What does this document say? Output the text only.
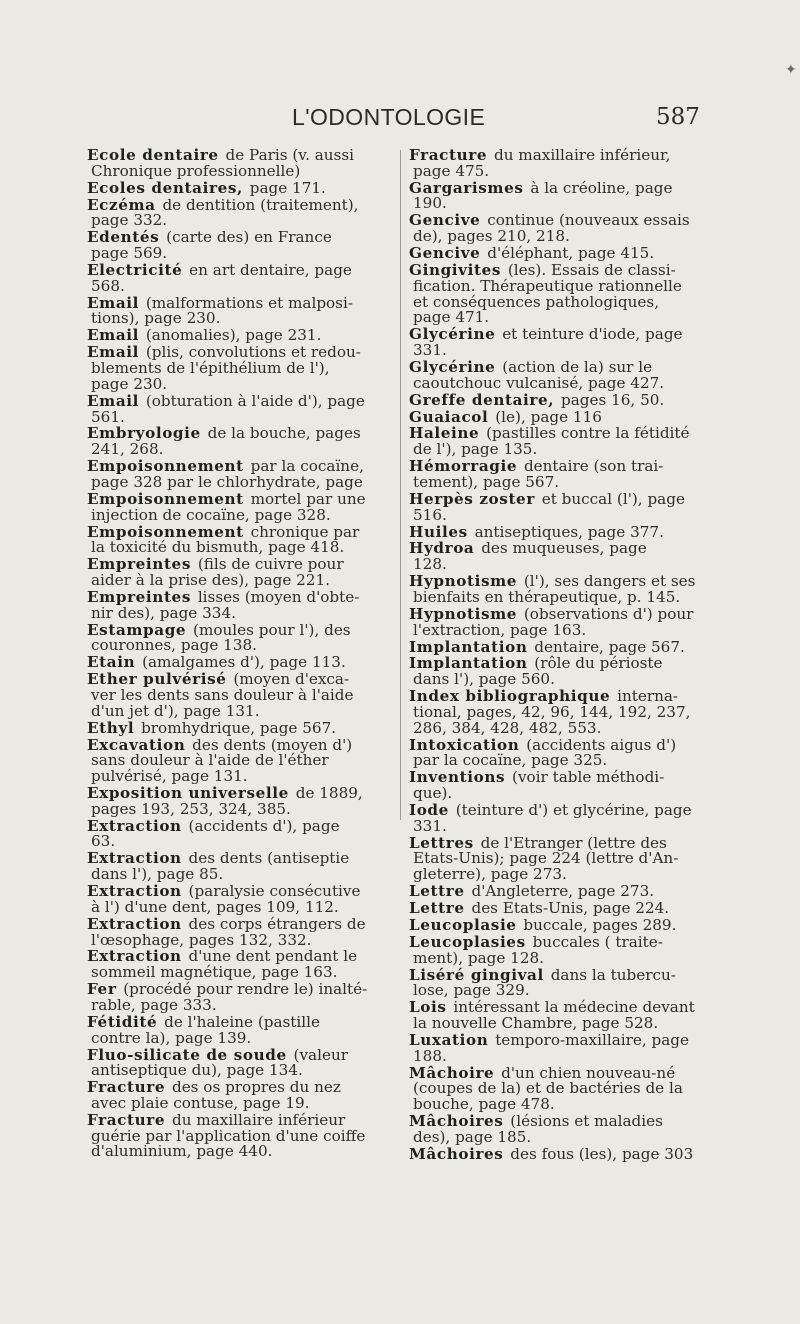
✦
L'ODONTOLOGIE	587
Ecole dentaire de Paris (v. aussi
Chronique professionnelle)
Ecoles dentaires, page 171.
Eczéma de dentition (traitement),
page 332.
Edentés (carte des) en France
page 569.
Electricité en art dentaire, page
568.
Email (malformations et malposi-
tions), page 230.
Email (anomalies), page 231.
Email (plis, convolutions et redou-
blements de l'épithélium de l'),
page 230.
Email (obturation à l'aide d'), page
561.
Embryologie de la bouche, pages
241, 268.
Empoisonnement par la cocaïne,
page 328 par le chlorhydrate, page
Empoisonnement mortel par une
injection de cocaïne, page 328.
Empoisonnement chronique par
la toxicité du bismuth, page 418.
Empreintes (fils de cuivre pour
aider à la prise des), page 221.
Empreintes lisses (moyen d'obte-
nir des), page 334.
Estampage (moules pour l'), des
couronnes, page 138.
Etain (amalgames d'), page 113.
Ether pulvérisé (moyen d'exca-
ver les dents sans douleur à l'aide
d'un jet d'), page 131.
Ethyl bromhydrique, page 567.
Excavation des dents (moyen d')
sans douleur à l'aide de l'éther
pulvérisé, page 131.
Exposition universelle de 1889,
pages 193, 253, 324, 385.
Extraction (accidents d'), page
63.
Extraction des dents (antiseptie
dans l'), page 85.
Extraction (paralysie consécutive
à l') d'une dent, pages 109, 112.
Extraction des corps étrangers de
l'œsophage, pages 132, 332.
Extraction d'une dent pendant le
sommeil magnétique, page 163.
Fer (procédé pour rendre le) inalté-
rable, page 333.
Fétidité de l'haleine (pastille
contre la), page 139.
Fluo-silicate de soude (valeur
antiseptique du), page 134.
Fracture des os propres du nez
avec plaie contuse, page 19.
Fracture du maxillaire inférieur
guérie par l'application d'une coiffe
d'aluminium, page 440.
Fracture du maxillaire inférieur,
page 475.
Gargarismes à la créoline, page
190.
Gencive continue (nouveaux essais
de), pages 210, 218.
Gencive d'éléphant, page 415.
Gingivites (les). Essais de classi-
fication. Thérapeutique rationnelle
et conséquences pathologiques,
page 471.
Glycérine et teinture d'iode, page
331.
Glycérine (action de la) sur le
caoutchouc vulcanisé, page 427.
Greffe dentaire, pages 16, 50.
Guaiacol (le), page 116
Haleine (pastilles contre la fétidité
de l'), page 135.
Hémorragie dentaire (son trai-
tement), page 567.
Herpès zoster et buccal (l'), page
516.
Huiles antiseptiques, page 377.
Hydroa des muqueuses, page
128.
Hypnotisme (l'), ses dangers et ses
bienfaits en thérapeutique, p. 145.
Hypnotisme (observations d') pour
l'extraction, page 163.
Implantation dentaire, page 567.
Implantation (rôle du périoste
dans l'), page 560.
Index bibliographique interna-
tional, pages, 42, 96, 144, 192, 237,
286, 384, 428, 482, 553.
Intoxication (accidents aigus d')
par la cocaïne, page 325.
Inventions (voir table méthodi-
que).
Iode (teinture d') et glycérine, page
331.
Lettres de l'Etranger (lettre des
Etats-Unis); page 224 (lettre d'An-
gleterre), page 273.
Lettre d'Angleterre, page 273.
Lettre des Etats-Unis, page 224.
Leucoplasie buccale, pages 289.
Leucoplasies buccales ( traite-
ment), page 128.
Liséré gingival dans la tubercu-
lose, page 329.
Lois intéressant la médecine devant
la nouvelle Chambre, page 528.
Luxation temporo-maxillaire, page
188.
Mâchoire d'un chien nouveau-né
(coupes de la) et de bactéries de la
bouche, page 478.
Mâchoires (lésions et maladies
des), page 185.
Mâchoires des fous (les), page 303
